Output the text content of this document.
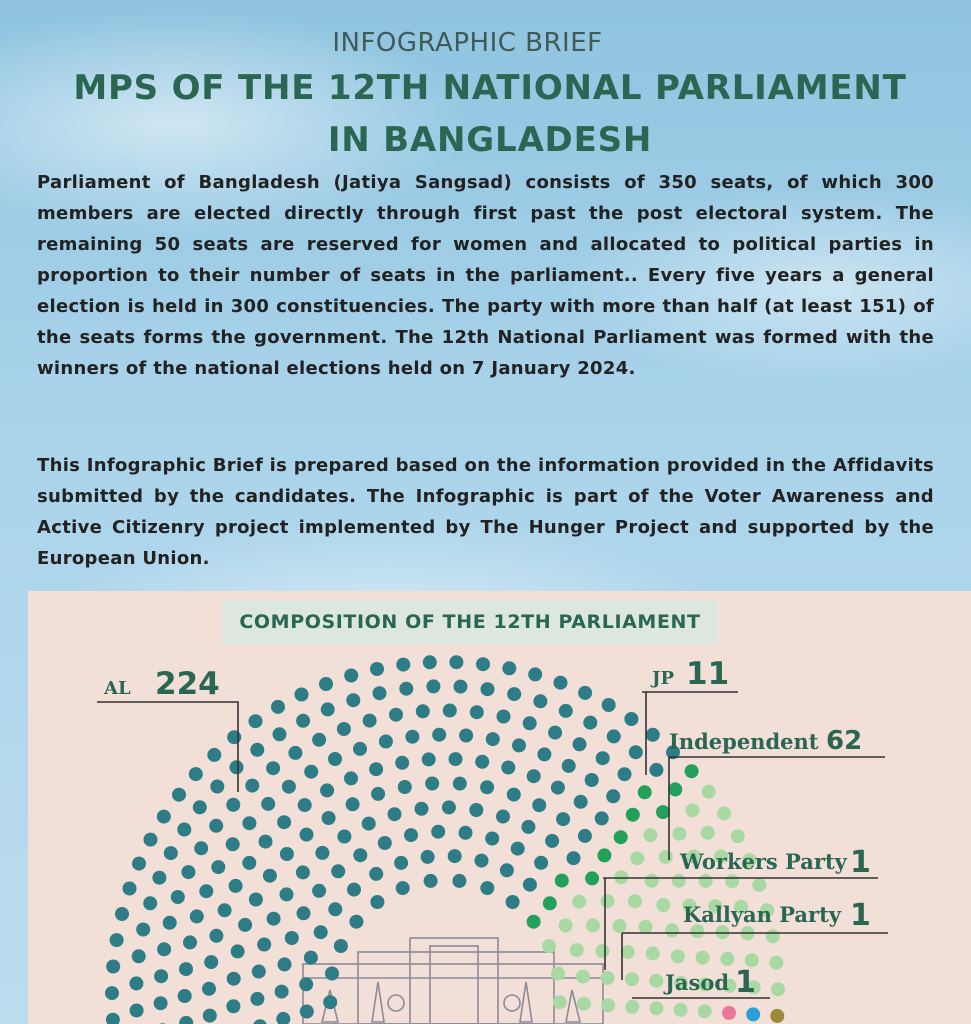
INFOGRAPHIC BRIEF
MPS OF THE 12TH NATIONAL PARLIAMENT IN BANGLADESH

Parliament of Bangladesh (Jatiya Sangsad) consists of 350 seats, of which 300 members are elected directly through first past the post electoral system. The remaining 50 seats are reserved for women and allocated to political parties in proportion to their number of seats in the parliament.. Every five years a general election is held in 300 constituencies. The party with more than half (at least 151) of the seats forms the government. The 12th National Parliament was formed with the winners of the national elections held on 7 January 2024.

This Infographic Brief is prepared based on the information provided in the Affidavits submitted by the candidates. The Infographic is part of the Voter Awareness and Active Citizenry project implemented by The Hunger Project and supported by the European Union.

COMPOSITION OF THE 12TH PARLIAMENT
AL 224	JP 11
Independent 62
Workers Party 1
Kallyan Party 1
Jasod 1
